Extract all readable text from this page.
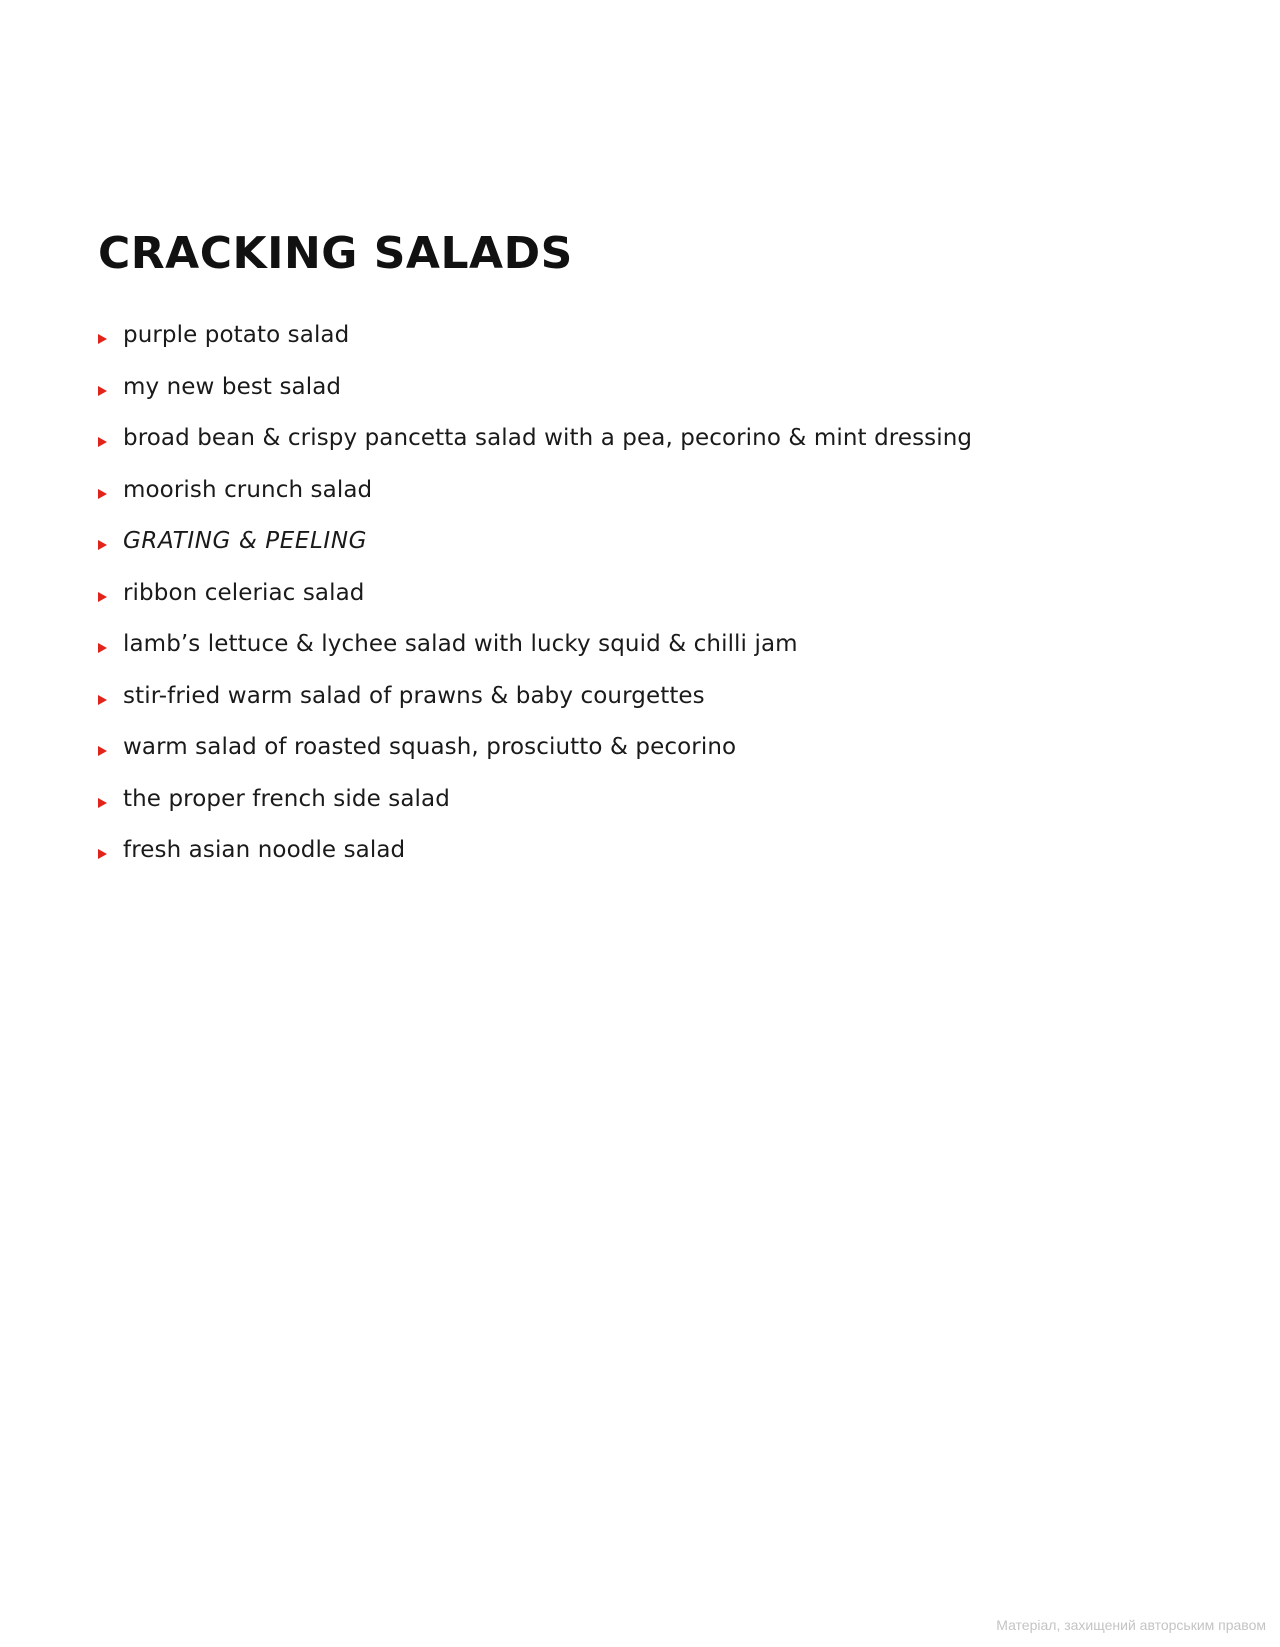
CRACKING SALADS
purple potato salad
my new best salad
broad bean & crispy pancetta salad with a pea, pecorino & mint dressing
moorish crunch salad
GRATING & PEELING
ribbon celeriac salad
lamb’s lettuce & lychee salad with lucky squid & chilli jam
stir-fried warm salad of prawns & baby courgettes
warm salad of roasted squash, prosciutto & pecorino
the proper french side salad
fresh asian noodle salad
Матеріал, захищений авторським правом
